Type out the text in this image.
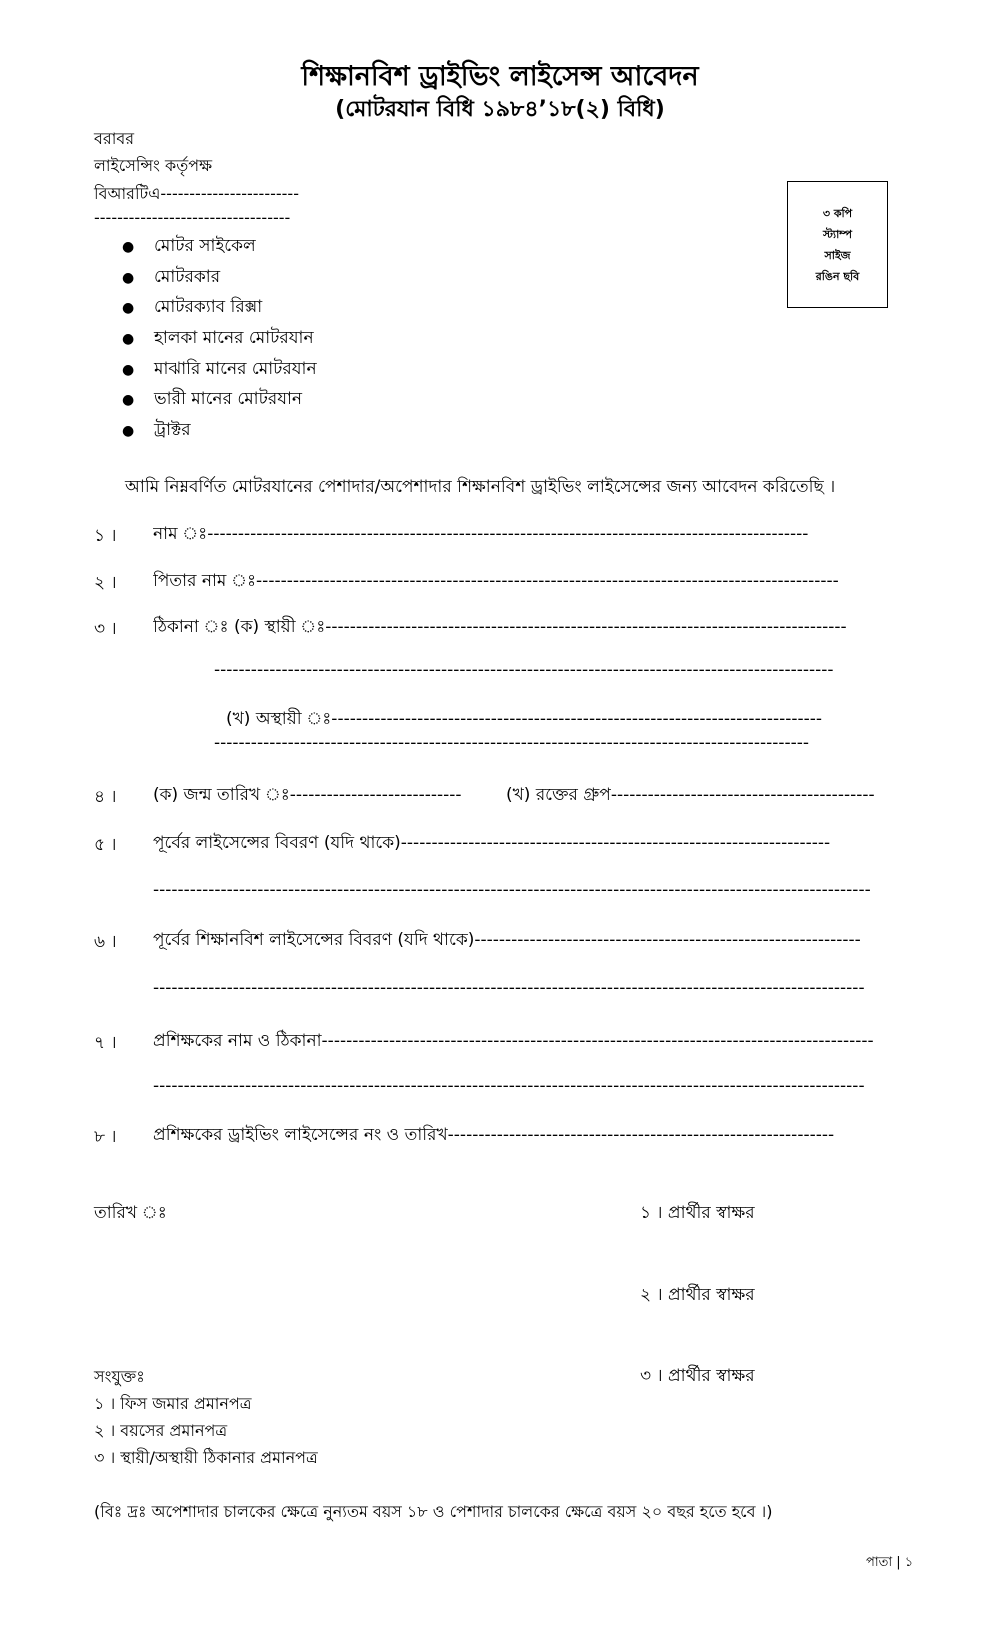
শিক্ষানবিশ ড্রাইভিং লাইসেন্স আবেদন
(মোটরযান বিধি ১৯৮৪’১৮(২) বিধি)
বরাবর
লাইসেন্সিং কর্তৃপক্ষ
বিআরটিএ------------------------
----------------------------------	৩ কপি
স্ট্যাম্প
সাইজ
রঙিন ছবি
●	মোটর সাইকেল
●	মোটরকার
●	মোটরক্যাব রিক্সা
●	হালকা মানের মোটরযান
●	মাঝারি মানের মোটরযান
●	ভারী মানের মোটরযান
●	ট্রাক্টর
আমি নিম্নবর্ণিত মোটরযানের পেশাদার/অপেশাদার শিক্ষানবিশ ড্রাইভিং লাইসেন্সের জন্য আবেদন করিতেছি ।
১ । নাম ঃ--------------------------------------------------------------------------------------------------
২ । পিতার নাম ঃ-----------------------------------------------------------------------------------------------
৩ । ঠিকানা ঃ (ক) স্থায়ী ঃ-------------------------------------------------------------------------------------
-----------------------------------------------------------------------------------------------------
(খ) অস্থায়ী ঃ--------------------------------------------------------------------------------
-------------------------------------------------------------------------------------------------
৪ । (ক) জন্ম তারিখ ঃ----------------------------	(খ) রক্তের গ্রুপ-------------------------------------------
৫ । পূর্বের লাইসেন্সের বিবরণ (যদি থাকে)----------------------------------------------------------------------
---------------------------------------------------------------------------------------------------------------------
৬ । পূর্বের শিক্ষানবিশ লাইসেন্সের বিবরণ (যদি থাকে)---------------------------------------------------------------
--------------------------------------------------------------------------------------------------------------------
৭ । প্রশিক্ষকের নাম ও ঠিকানা------------------------------------------------------------------------------------------
--------------------------------------------------------------------------------------------------------------------
৮ । প্রশিক্ষকের ড্রাইভিং লাইসেন্সের নং ও তারিখ---------------------------------------------------------------
তারিখ ঃ	১ । প্রার্থীর স্বাক্ষর
২ । প্রার্থীর স্বাক্ষর
৩ । প্রার্থীর স্বাক্ষর
সংযুক্তঃ
১ । ফিস জমার প্রমানপত্র
২ । বয়সের প্রমানপত্র
৩ । স্থায়ী/অস্থায়ী ঠিকানার প্রমানপত্র
(বিঃ দ্রঃ অপেশাদার চালকের ক্ষেত্রে নুন্যতম বয়স ১৮ ও পেশাদার চালকের ক্ষেত্রে বয়স ২০ বছর হতে হবে ।)
পাতা | ১
